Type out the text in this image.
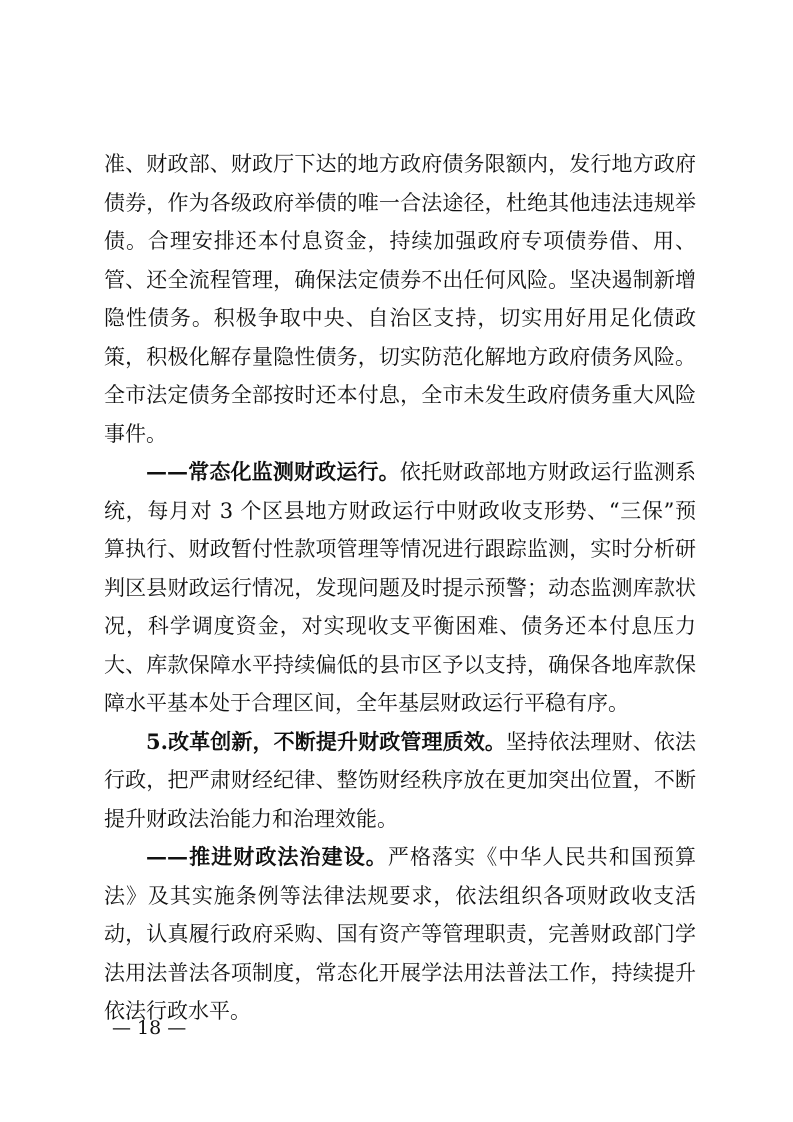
准、财政部、财政厅下达的地方政府债务限额内，发行地方政府债券，作为各级政府举债的唯一合法途径，杜绝其他违法违规举债。合理安排还本付息资金，持续加强政府专项债券借、用、管、还全流程管理，确保法定债券不出任何风险。坚决遏制新增隐性债务。积极争取中央、自治区支持，切实用好用足化债政策，积极化解存量隐性债务，切实防范化解地方政府债务风险。全市法定债务全部按时还本付息，全市未发生政府债务重大风险事件。

——常态化监测财政运行。依托财政部地方财政运行监测系统，每月对 3 个区县地方财政运行中财政收支形势、“三保”预算执行、财政暂付性款项管理等情况进行跟踪监测，实时分析研判区县财政运行情况，发现问题及时提示预警；动态监测库款状况，科学调度资金，对实现收支平衡困难、债务还本付息压力大、库款保障水平持续偏低的县市区予以支持，确保各地库款保障水平基本处于合理区间，全年基层财政运行平稳有序。

5.改革创新，不断提升财政管理质效。坚持依法理财、依法行政，把严肃财经纪律、整饬财经秩序放在更加突出位置，不断提升财政法治能力和治理效能。

——推进财政法治建设。严格落实《中华人民共和国预算法》及其实施条例等法律法规要求，依法组织各项财政收支活动，认真履行政府采购、国有资产等管理职责，完善财政部门学法用法普法各项制度，常态化开展学法用法普法工作，持续提升依法行政水平。

— 18 —
